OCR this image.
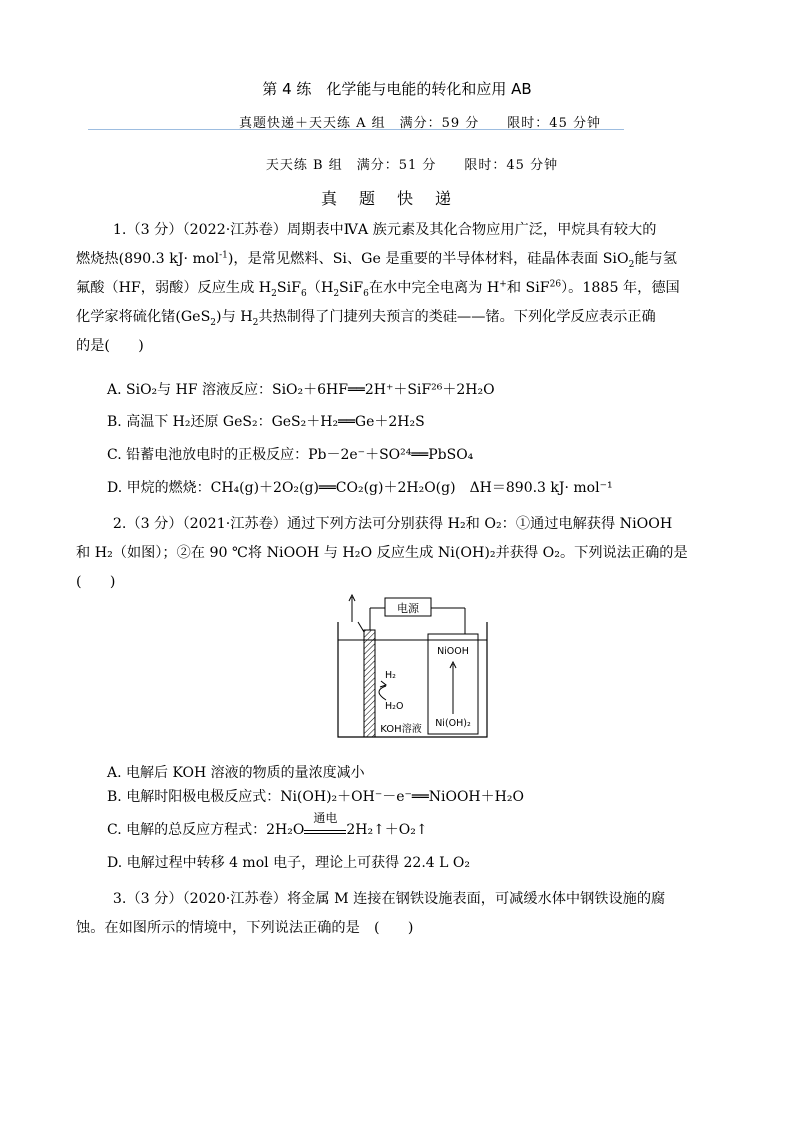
第 4 练　化学能与电能的转化和应用 AB
真题快递＋天天练 A 组　满分：59 分　　限时：45 分钟
天天练 B 组　满分：51 分　　限时：45 分钟
真题快递

1.（3 分）（2022·江苏卷）周期表中ⅣA 族元素及其化合物应用广泛，甲烷具有较大的

燃烧热(890.3 kJ· mol$^{-1}$)，是常见燃料、Si、Ge 是重要的半导体材料，硅晶体表面 SiO$_2$能与氢

氟酸（HF，弱酸）反应生成 $H_2SiF_6(H_2SiF_6$在水中完全电离为 H+和 SiF$^{26}$）。1885 年，德国

化学家将硫化锗(GeS$_2$)与 $H_2$共热制得了门捷列夫预言的类硅——锗。下列化学反应表示正确

的是(　　)

A. SiO₂与 HF 溶液反应：SiO₂＋6HF══2H⁺＋SiF²⁶＋2H₂O
B. 高温下 H₂还原 GeS₂：GeS₂＋H₂══Ge＋2H₂S
C. 铅蓄电池放电时的正极反应：Pb－2e⁻＋SO²⁴══PbSO₄
D. 甲烷的燃烧：CH₄(g)＋2O₂(g)══CO₂(g)＋2H₂O(g)　ΔH＝890.3 kJ· mol⁻¹

2.（3 分）（2021·江苏卷）通过下列方法可分别获得 H₂和 O₂：①通过电解获得 NiOOH

和 H₂（如图）；②在 90 ℃将 NiOOH 与 H₂O 反应生成 Ni(OH)₂并获得 O₂。下列说法正确的是

(　　)

电源
NiOOH
Ni(OH)₂
H₂
H₂O
KOH溶液
A. 电解后 KOH 溶液的物质的量浓度减小
B. 电解时阳极电极反应式：Ni(OH)₂＋OH⁻－e⁻══NiOOH＋H₂O
C. 电解的总反应方程式：2H₂O
通电
2H₂↑＋O₂↑
D. 电解过程中转移 4 mol 电子，理论上可获得 22.4 L O₂

3.（3 分）（2020·江苏卷）将金属 M 连接在钢铁设施表面，可减缓水体中钢铁设施的腐

蚀。在如图所示的情境中，下列说法正确的是　(　　)
